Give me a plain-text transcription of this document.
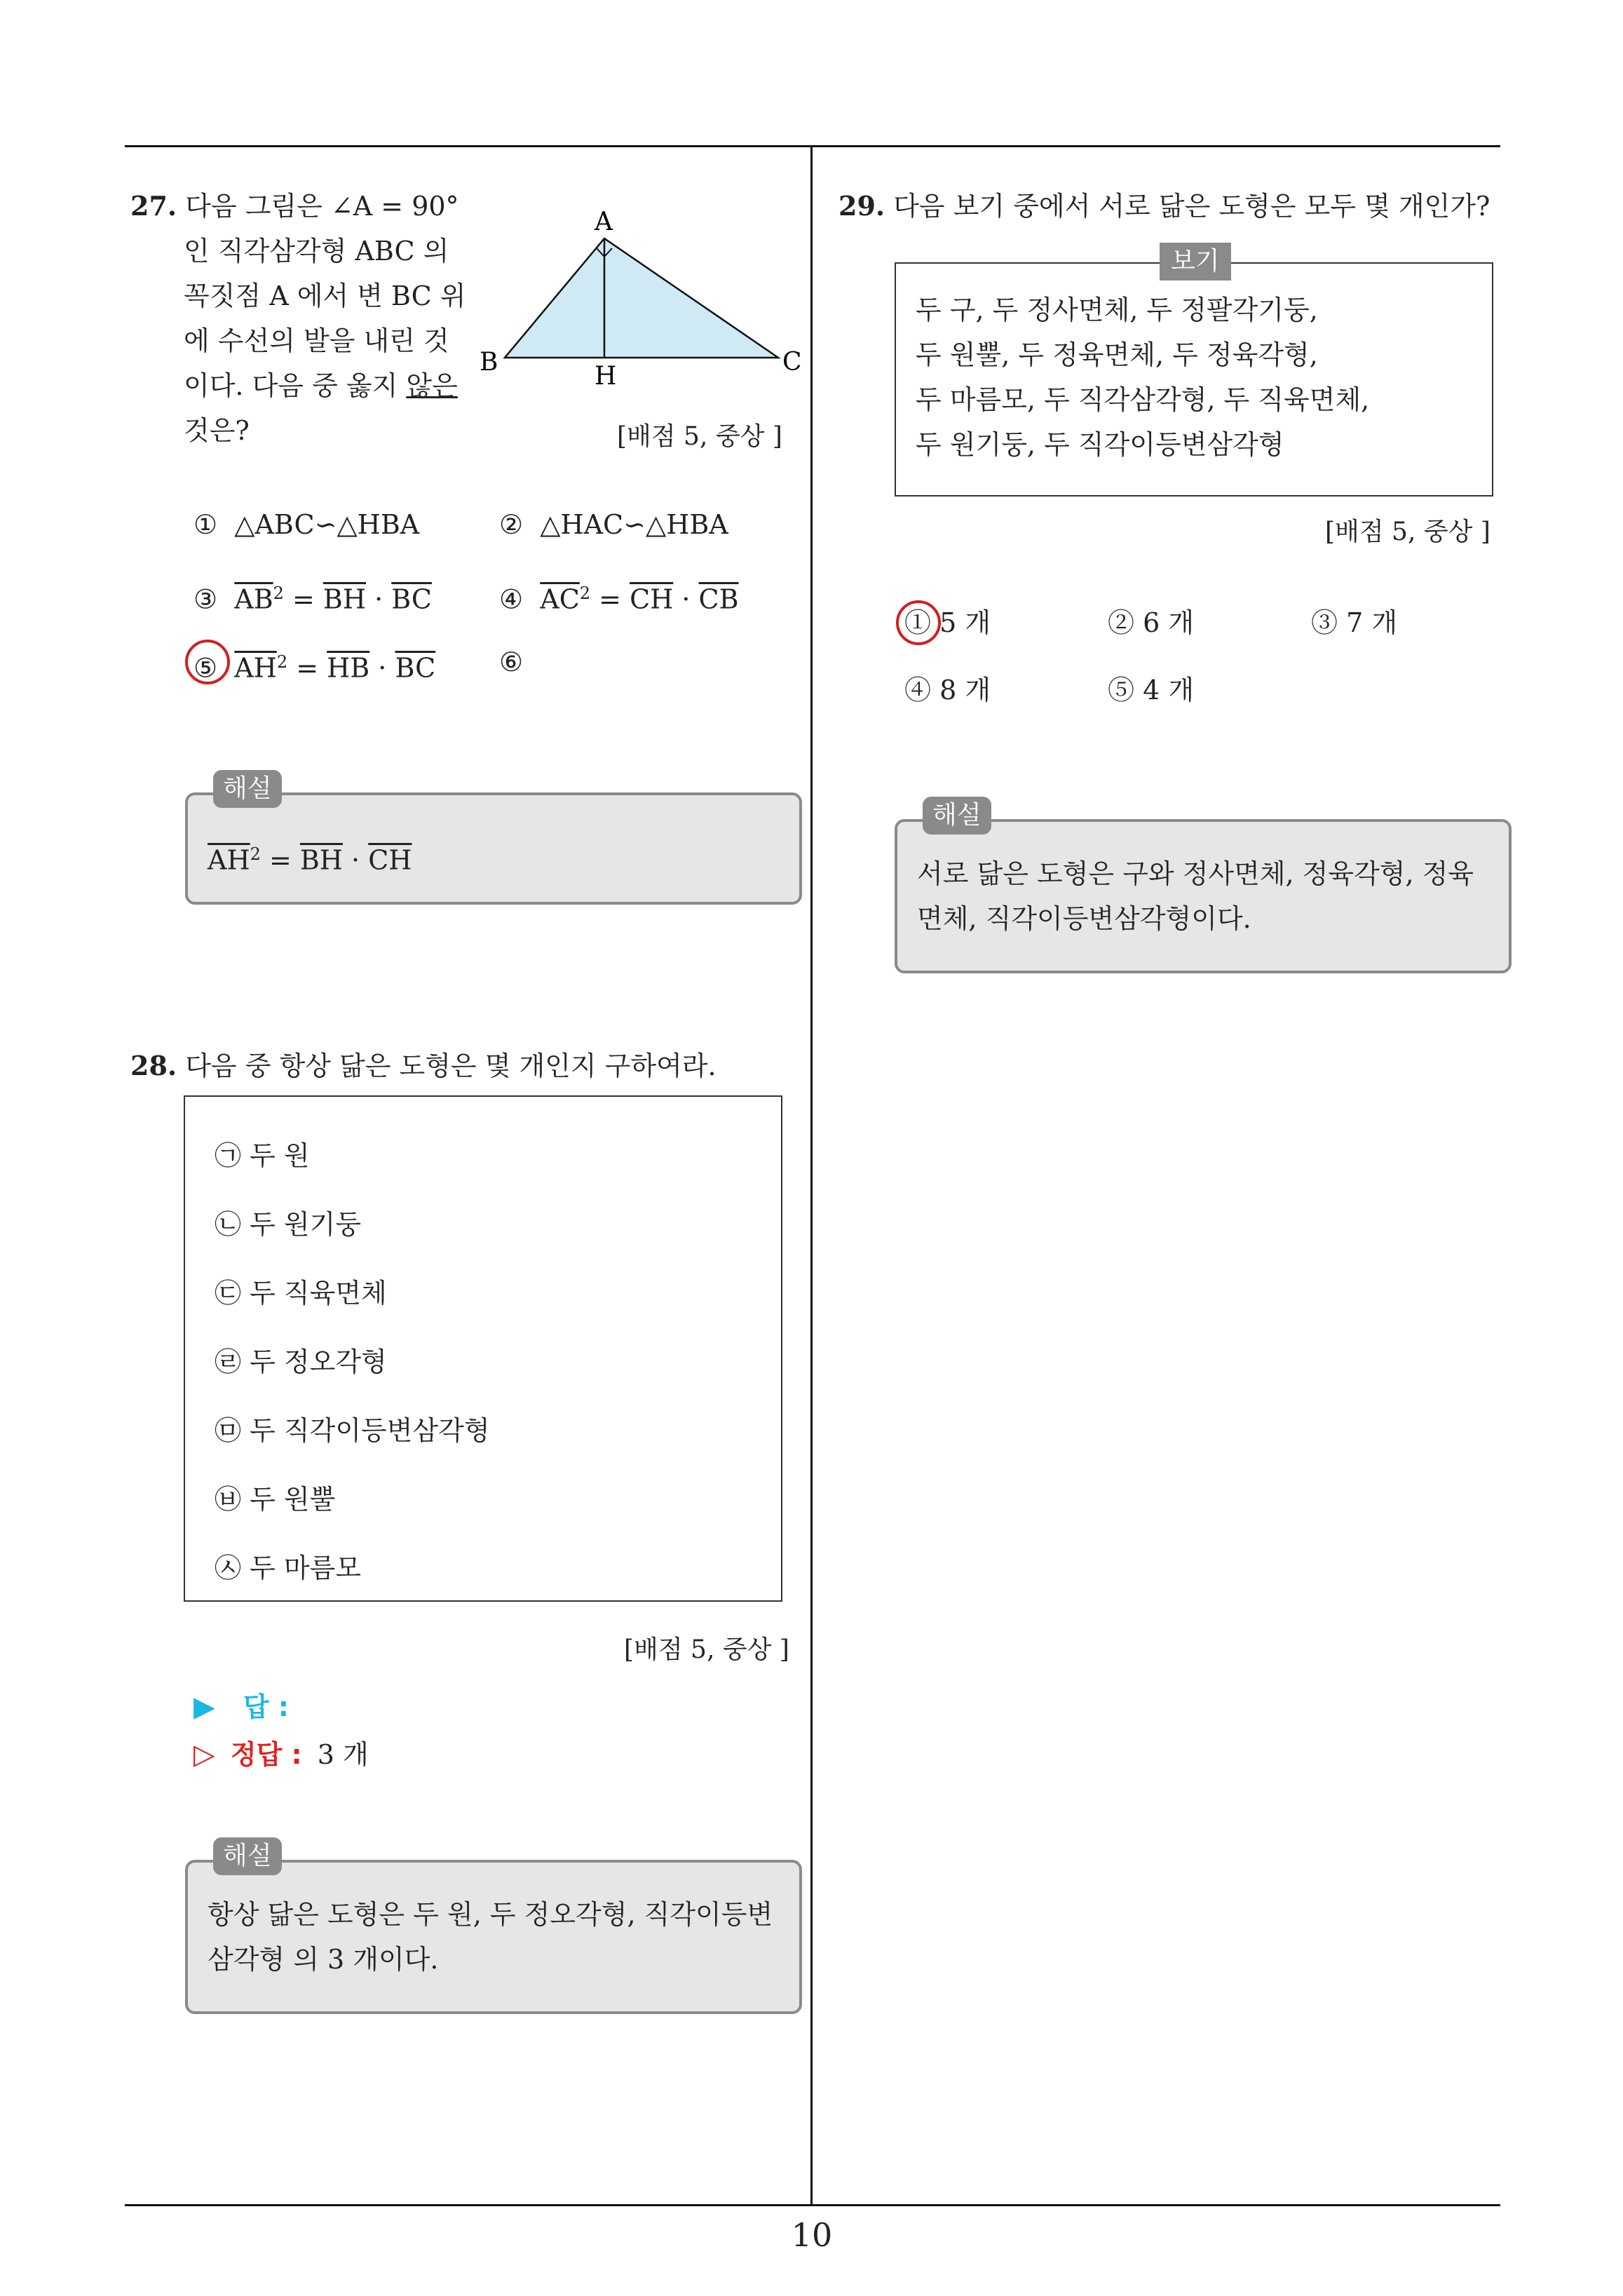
27. 다음 그림은 ∠A = 90°
인 직각삼각형 ABC 의
꼭짓점 A 에서 변 BC 위
에 수선의 발을 내린 것
이다. 다음 중 옳지 않은
것은?
A
B	C
H
[배점 5, 중상 ]
① △ABC∽△HBA	② △HAC∽△HBA
③ $\overline{AB}^2 = \overline{BH} \cdot \overline{BC}$	④ $\overline{AC}^2 = \overline{CH} \cdot \overline{CB}$
⑤ $\overline{AH}^2 = \overline{HB} \cdot \overline{BC}$ ⑥
해설
$\overline{AH}^2 = \overline{BH} \cdot \overline{CH}$
28. 다음 중 항상 닮은 도형은 몇 개인지 구하여라.
㉠ 두 원
㉡ 두 원기둥
㉢ 두 직육면체
㉣ 두 정오각형
㉤ 두 직각이등변삼각형
㉥ 두 원뿔
㉦ 두 마름모
[배점 5, 중상 ]
▶ 답 :
▷ 정답 : 3 개
해설
항상 닮은 도형은 두 원, 두 정오각형, 직각이등변
삼각형 의 3 개이다.
29. 다음 보기 중에서 서로 닮은 도형은 모두 몇 개인가?
보기
두 구, 두 정사면체, 두 정팔각기둥,
두 원뿔, 두 정육면체, 두 정육각형,
두 마름모, 두 직각삼각형, 두 직육면체,
두 원기둥, 두 직각이등변삼각형
[배점 5, 중상 ]
① 5 개	② 6 개	③ 7 개
④ 8 개	⑤ 4 개
해설
서로 닮은 도형은 구와 정사면체, 정육각형, 정육
면체, 직각이등변삼각형이다.
10
